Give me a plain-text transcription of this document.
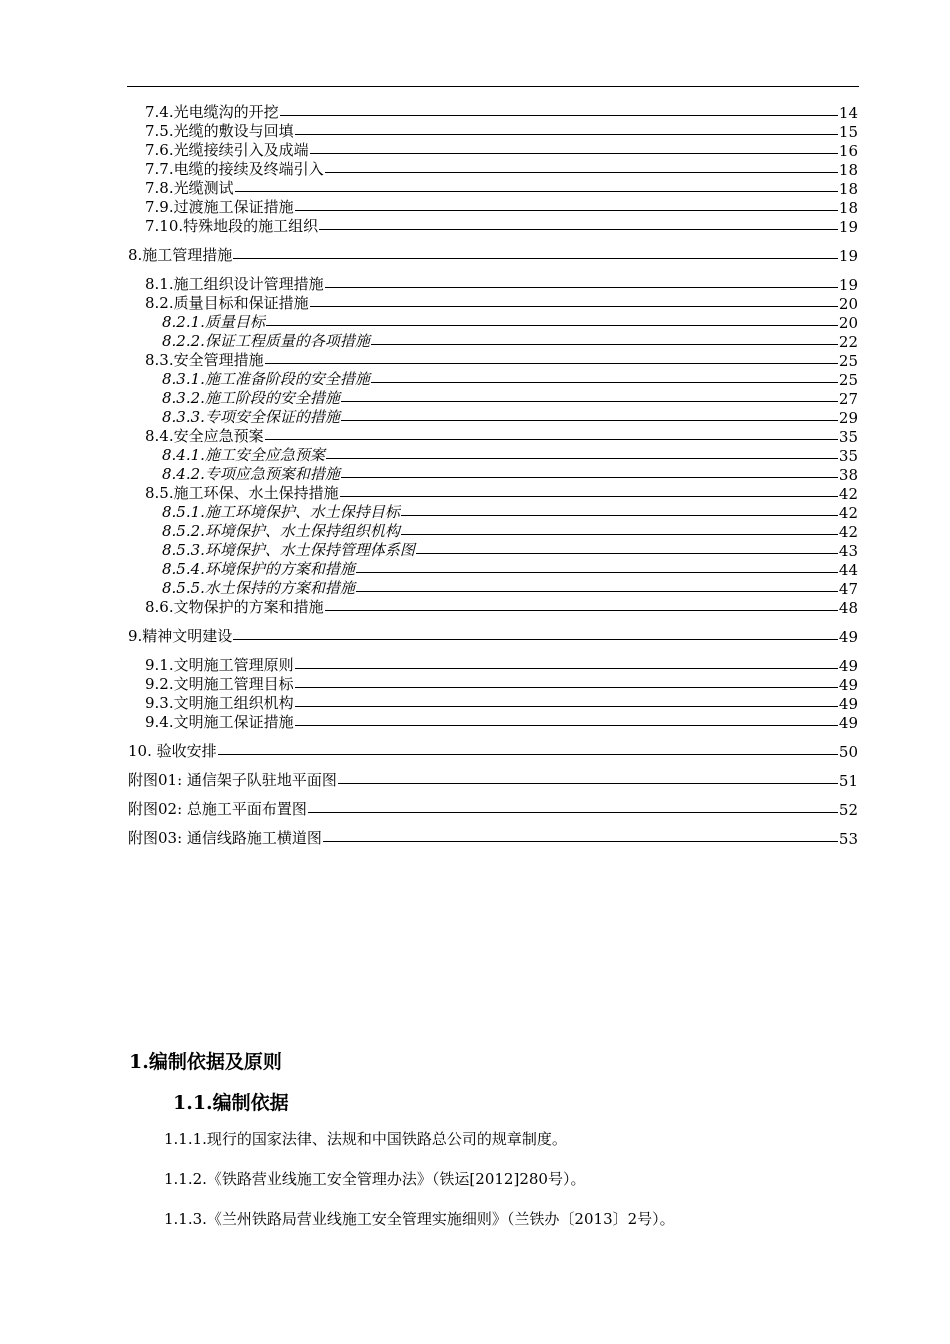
7.4.光电缆沟的开挖	14
7.5.光缆的敷设与回填	15
7.6.光缆接续引入及成端	16
7.7.电缆的接续及终端引入	18
7.8.光缆测试	18
7.9.过渡施工保证措施	18
7.10.特殊地段的施工组织	19
8.施工管理措施	19
8.1.施工组织设计管理措施	19
8.2.质量目标和保证措施	20
8.2.1.质量目标	20
8.2.2.保证工程质量的各项措施	22
8.3.安全管理措施	25
8.3.1.施工准备阶段的安全措施	25
8.3.2.施工阶段的安全措施	27
8.3.3.专项安全保证的措施	29
8.4.安全应急预案	35
8.4.1.施工安全应急预案	35
8.4.2.专项应急预案和措施	38
8.5.施工环保、水土保持措施	42
8.5.1.施工环境保护、水土保持目标	42
8.5.2.环境保护、水土保持组织机构	42
8.5.3.环境保护、水土保持管理体系图	43
8.5.4.环境保护的方案和措施	44
8.5.5.水土保持的方案和措施	47
8.6.文物保护的方案和措施	48
9.精神文明建设	49
9.1.文明施工管理原则	49
9.2.文明施工管理目标	49
9.3.文明施工组织机构	49
9.4.文明施工保证措施	49
10. 验收安排	50
附图01: 通信架子队驻地平面图	51
附图02: 总施工平面布置图	52
附图03: 通信线路施工横道图	53
1.编制依据及原则
1.1.编制依据
1.1.1.现行的国家法律、法规和中国铁路总公司的规章制度。
1.1.2.《铁路营业线施工安全管理办法》（铁运[2012]280号）。
1.1.3.《兰州铁路局营业线施工安全管理实施细则》（兰铁办〔2013〕2号）。
